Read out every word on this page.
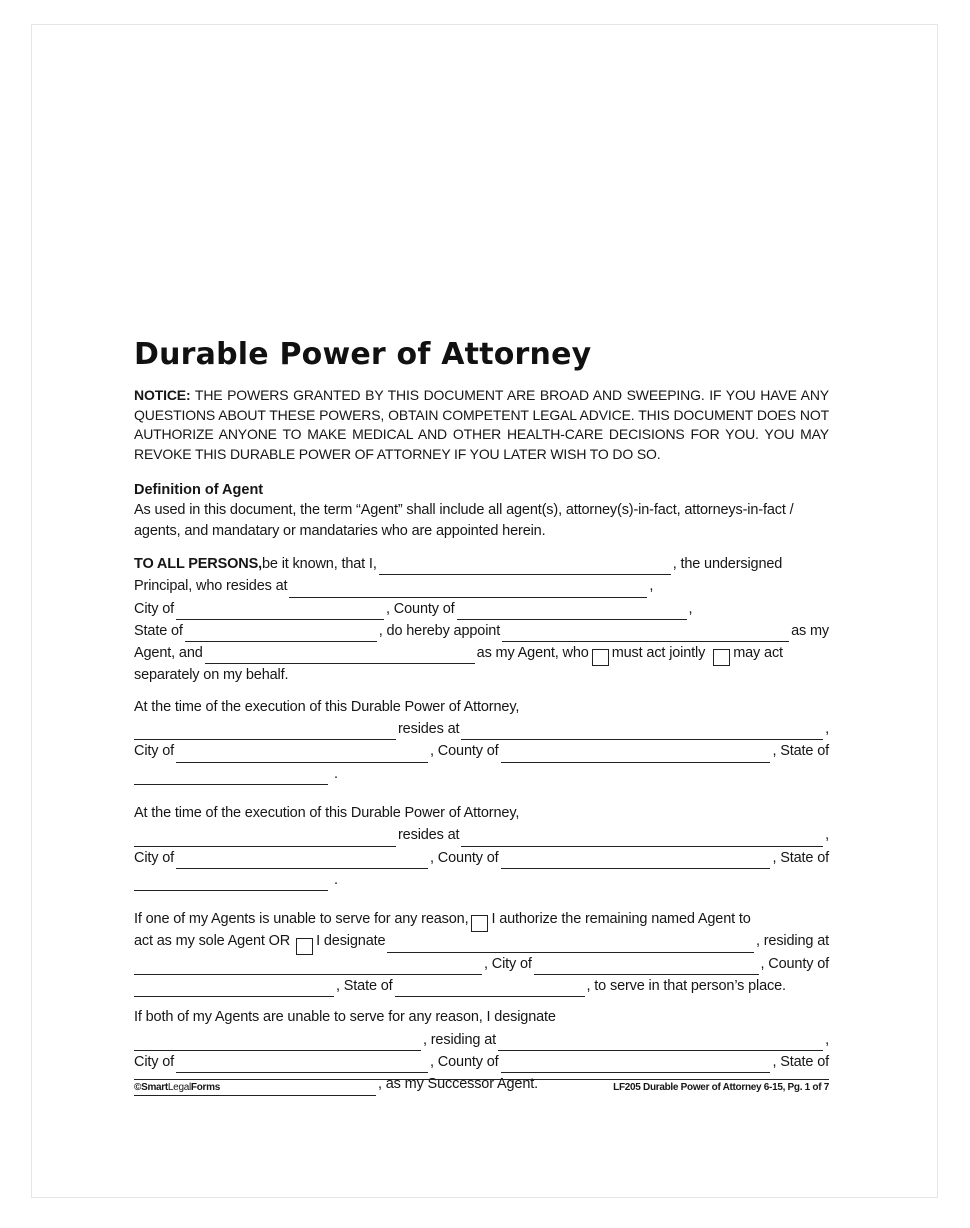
Durable Power of Attorney

NOTICE: THE POWERS GRANTED BY THIS DOCUMENT ARE BROAD AND SWEEPING. IF YOU HAVE ANY QUESTIONS ABOUT THESE POWERS, OBTAIN COMPETENT LEGAL ADVICE. THIS DOCUMENT DOES NOT AUTHORIZE ANYONE TO MAKE MEDICAL AND OTHER HEALTH-CARE DECISIONS FOR YOU. YOU MAY REVOKE THIS DURABLE POWER OF ATTORNEY IF YOU LATER WISH TO DO SO.

Definition of Agent

As used in this document, the term “Agent” shall include all agent(s), attorney(s)-in-fact, attorneys-in-fact / agents, and mandatary or mandataries who are appointed herein.

TO ALL PERSONS, be it known, that I,	, the undersigned
Principal, who resides at	,
City of	, County of	,
State of	, do hereby appoint	as my
Agent, and	as my Agent, who must act jointly may act
separately on my behalf.
At the time of the execution of this Durable Power of Attorney,
resides at	,
City of	, County of	, State of
.
At the time of the execution of this Durable Power of Attorney,
resides at	,
City of	, County of	, State of
.
If one of my Agents is unable to serve for any reason, I authorize the remaining named Agent to
act as my sole Agent OR I designate	, residing at
, City of	, County of
, State of	, to serve in that person’s place.
If both of my Agents are unable to serve for any reason, I designate
, residing at	,
City of	, County of	, State of
, as my Successor Agent.
©SmartLegalForms	LF205 Durable Power of Attorney 6-15, Pg. 1 of 7
